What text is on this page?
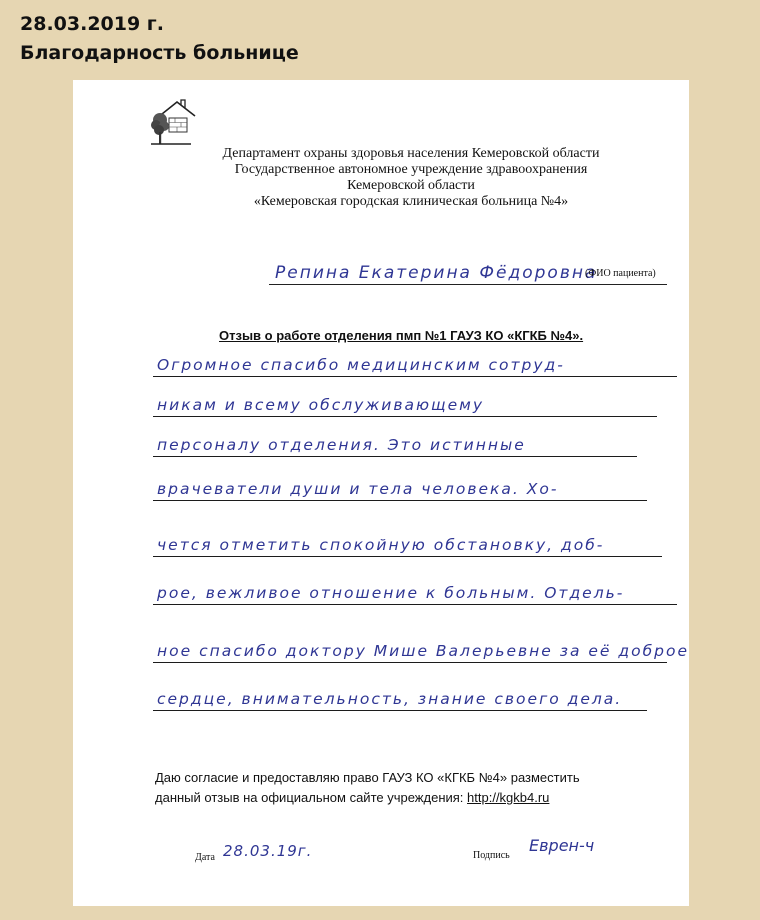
28.03.2019 г.
Благодарность больнице
Департамент охраны здоровья населения Кемеровской области
Государственное автономное учреждение здравоохранения
Кемеровской области
«Кемеровская городская клиническая больница №4»
Репина Екатерина Фёдоровна
(ФИО пациента)
Отзыв о работе отделения пмп №1 ГАУЗ КО «КГКБ №4».
Огромное спасибо медицинским сотруд-
никам и всему обслуживающему
персоналу отделения. Это истинные
врачеватели души и тела человека. Хо-
чется отметить спокойную обстановку, доб-
рое, вежливое отношение к больным. Отдель-
ное спасибо доктору Мише Валерьевне за её доброе
сердце, внимательность, знание своего дела.
Даю согласие и предоставляю право ГАУЗ КО «КГКБ №4» разместить
данный отзыв на официальном сайте учреждения: http://kgkb4.ru
Дата 28.03.19г.	Подпись
Еврен-ч
